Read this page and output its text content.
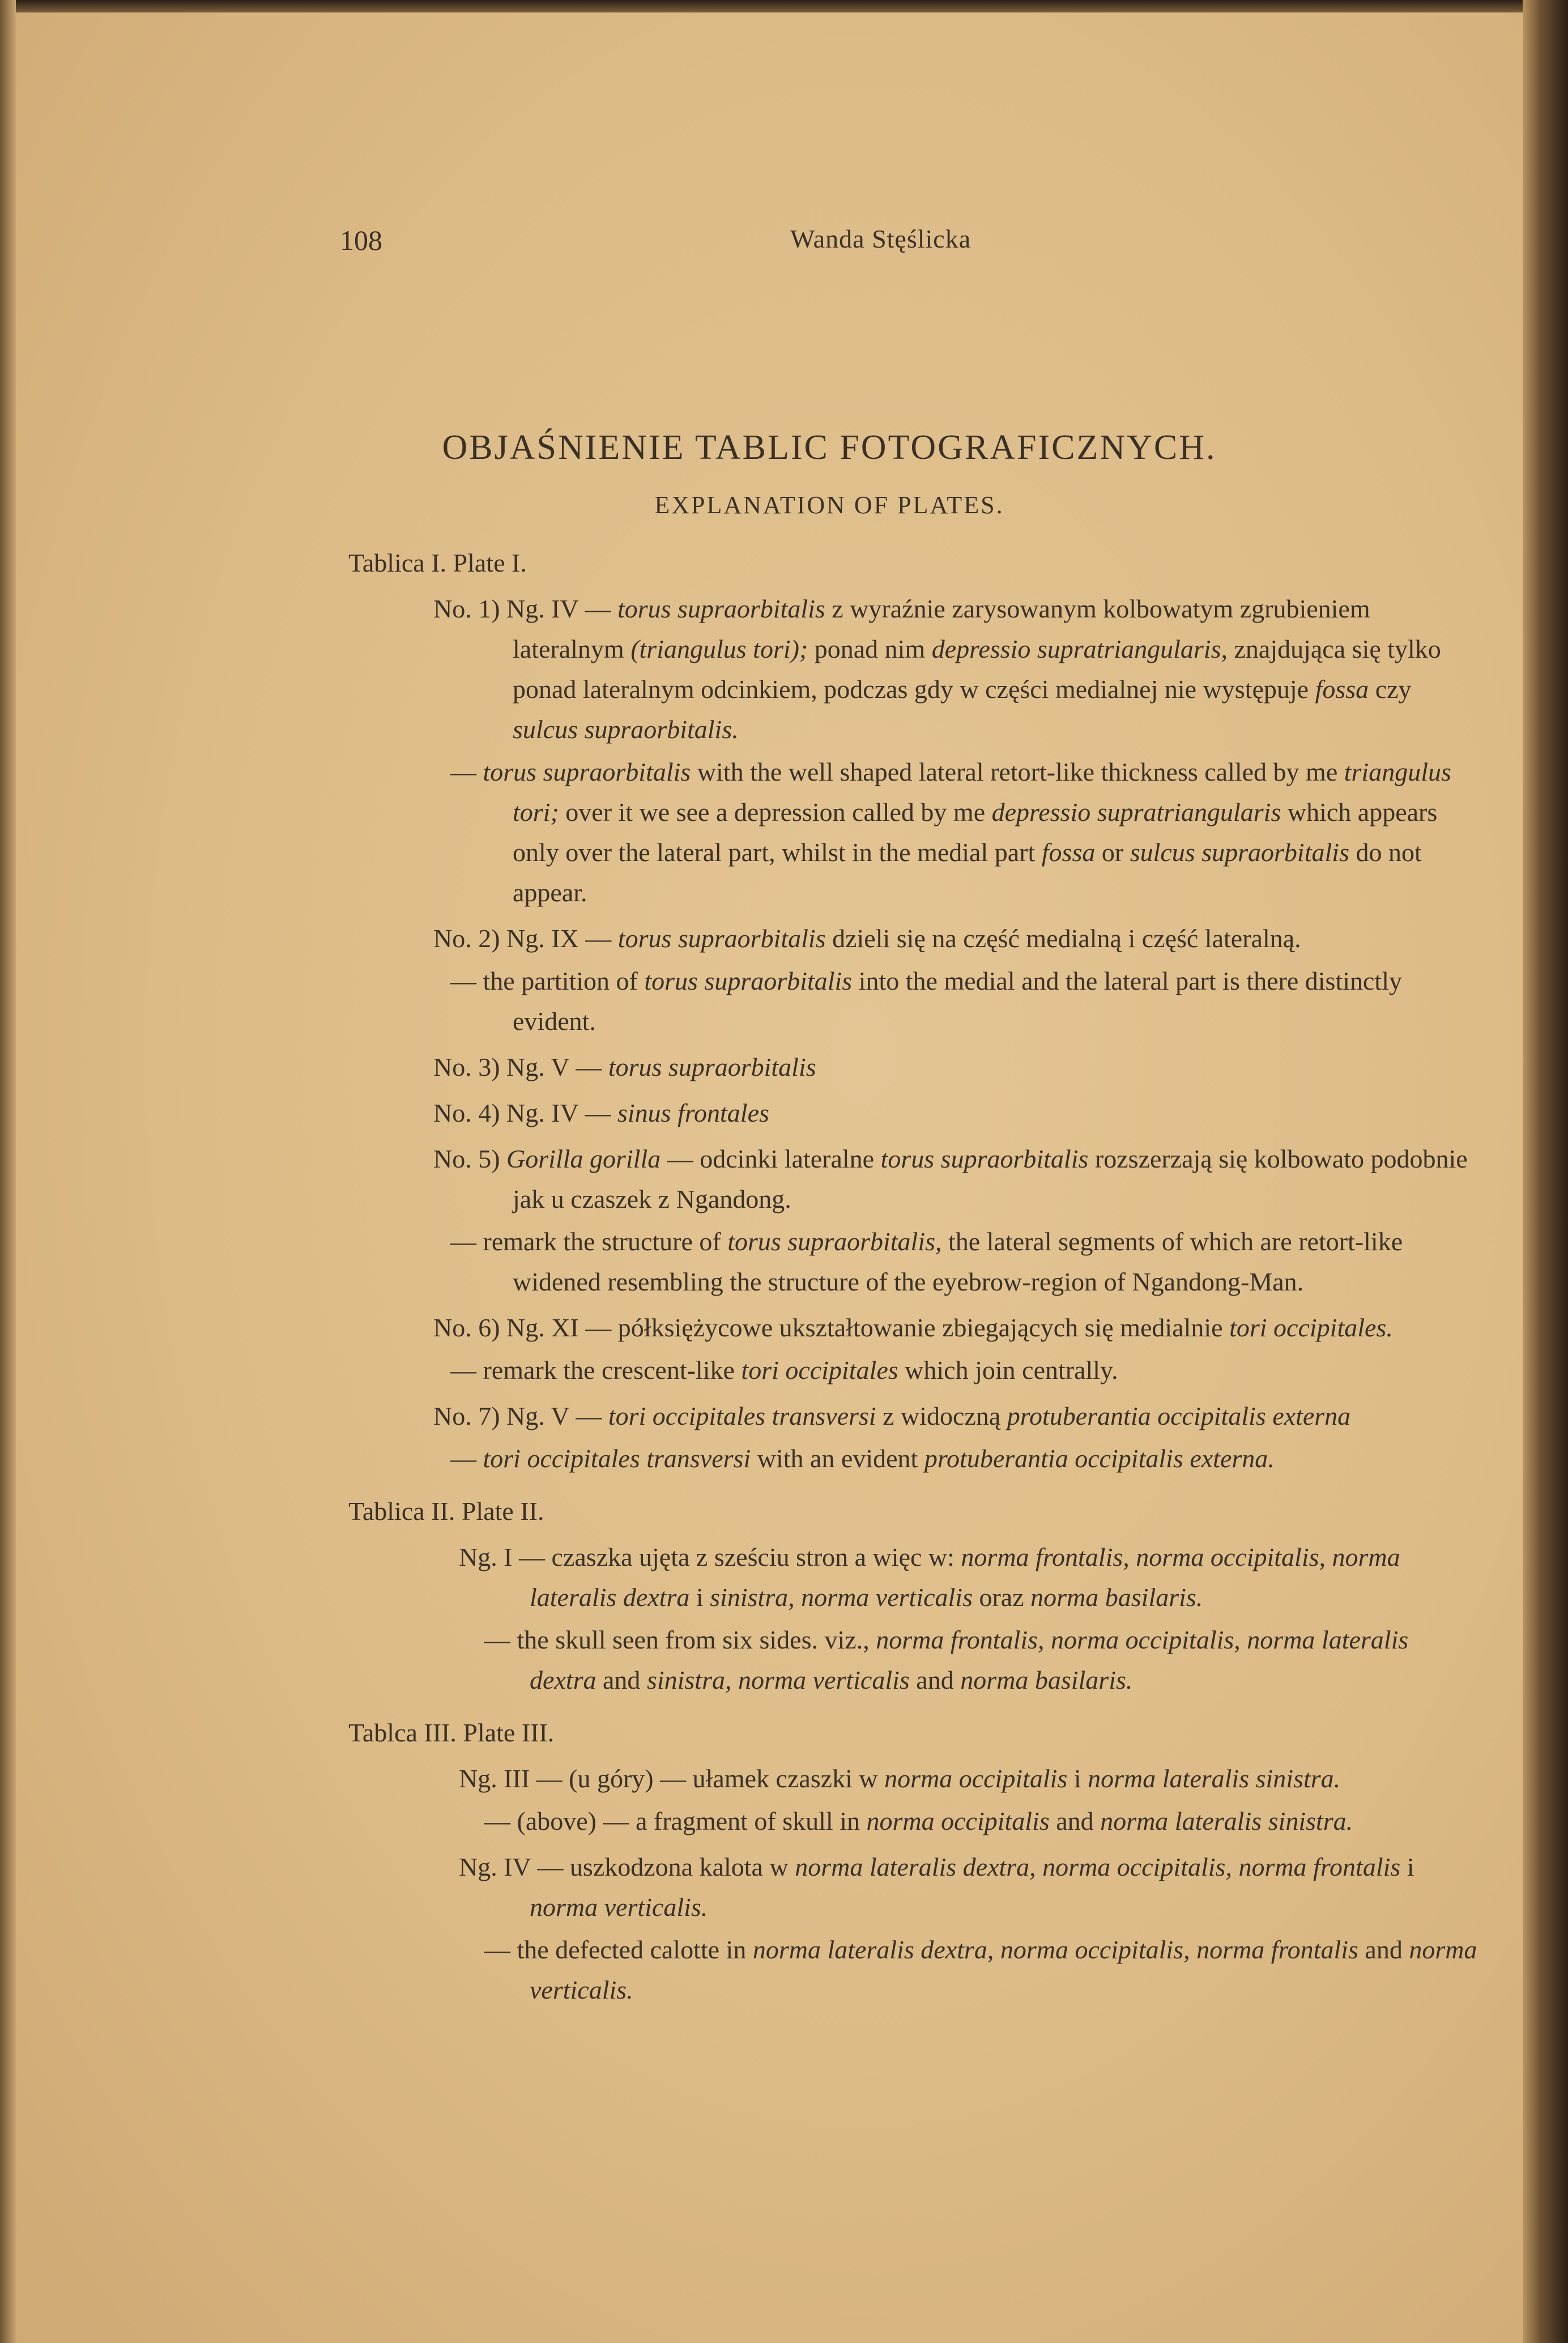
108	Wanda Stęślicka
OBJAŚNIENIE TABLIC FOTOGRAFICZNYCH.
EXPLANATION OF PLATES.
Tablica I. Plate I.
No. 1) Ng. IV — torus supraorbitalis z wyraźnie zarysowanym kolbowatym zgrubieniem lateralnym (triangulus tori); ponad nim depressio supratriangularis, znajdująca się tylko ponad lateralnym odcinkiem, podczas gdy w części medialnej nie występuje fossa czy sulcus supraorbitalis.
— torus supraorbitalis with the well shaped lateral retort-like thickness called by me triangulus tori; over it we see a depression called by me depressio supratriangularis which appears only over the lateral part, whilst in the medial part fossa or sulcus supraorbitalis do not appear.
No. 2) Ng. IX — torus supraorbitalis dzieli się na część medialną i część lateralną.
— the partition of torus supraorbitalis into the medial and the lateral part is there distinctly evident.
No. 3) Ng. V — torus supraorbitalis
No. 4) Ng. IV — sinus frontales
No. 5) Gorilla gorilla — odcinki lateralne torus supraorbitalis rozszerzają się kolbowato podobnie jak u czaszek z Ngandong.
— remark the structure of torus supraorbitalis, the lateral segments of which are retort-like widened resembling the structure of the eyebrow-region of Ngandong-Man.
No. 6) Ng. XI — półksiężycowe ukształtowanie zbiegających się medialnie tori occipitales.
— remark the crescent-like tori occipitales which join centrally.
No. 7) Ng. V — tori occipitales transversi z widoczną protuberantia occipitalis externa
— tori occipitales transversi with an evident protuberantia occipitalis externa.
Tablica II. Plate II.
Ng. I — czaszka ujęta z sześciu stron a więc w: norma frontalis, norma occipitalis, norma lateralis dextra i sinistra, norma verticalis oraz norma basilaris.
— the skull seen from six sides. viz., norma frontalis, norma occipitalis, norma lateralis dextra and sinistra, norma verticalis and norma basilaris.
Tablca III. Plate III.
Ng. III — (u góry) — ułamek czaszki w norma occipitalis i norma lateralis sinistra.
— (above) — a fragment of skull in norma occipitalis and norma lateralis sinistra.
Ng. IV — uszkodzona kalota w norma lateralis dextra, norma occipitalis, norma frontalis i norma verticalis.
— the defected calotte in norma lateralis dextra, norma occipitalis, norma frontalis and norma verticalis.
